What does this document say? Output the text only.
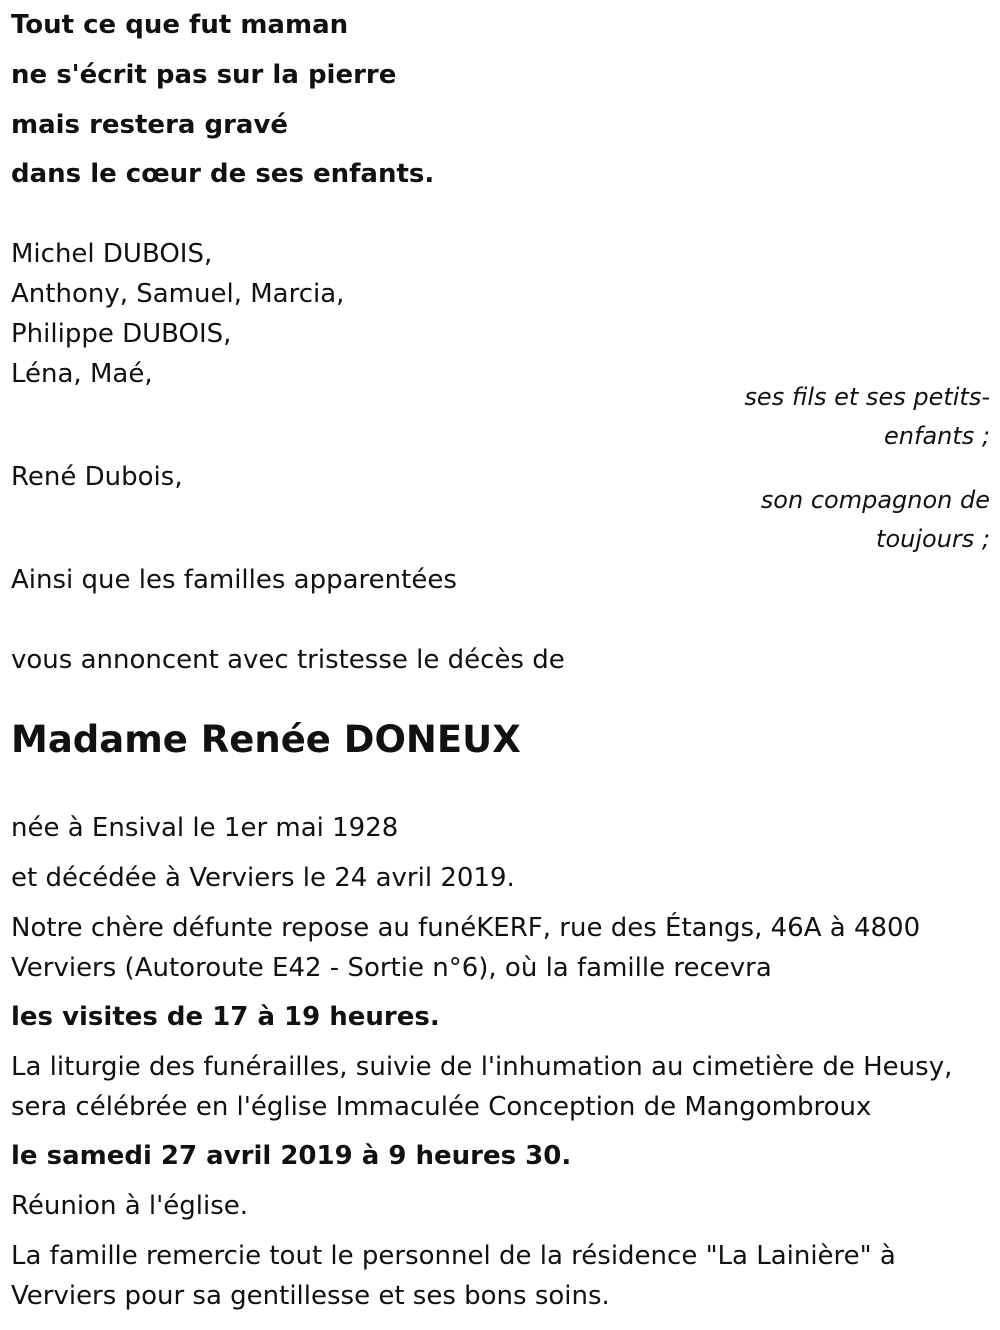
Tout ce que fut maman
ne s'écrit pas sur la pierre
mais restera gravé
dans le cœur de ses enfants.
Michel DUBOIS,
Anthony, Samuel, Marcia,
Philippe DUBOIS,
Léna, Maé,
ses fils et ses petits-
enfants ;
René Dubois,
son compagnon de
toujours ;
Ainsi que les familles apparentées
vous annoncent avec tristesse le décès de
Madame Renée DONEUX
née à Ensival le 1er mai 1928
et décédée à Verviers le 24 avril 2019.
Notre chère défunte repose au funéKERF, rue des Étangs, 46A à 4800
Verviers (Autoroute E42 - Sortie n°6), où la famille recevra
les visites de 17 à 19 heures.
La liturgie des funérailles, suivie de l'inhumation au cimetière de Heusy,
sera célébrée en l'église Immaculée Conception de Mangombroux
le samedi 27 avril 2019 à 9 heures 30.
Réunion à l'église.
La famille remercie tout le personnel de la résidence "La Lainière" à
Verviers pour sa gentillesse et ses bons soins.
